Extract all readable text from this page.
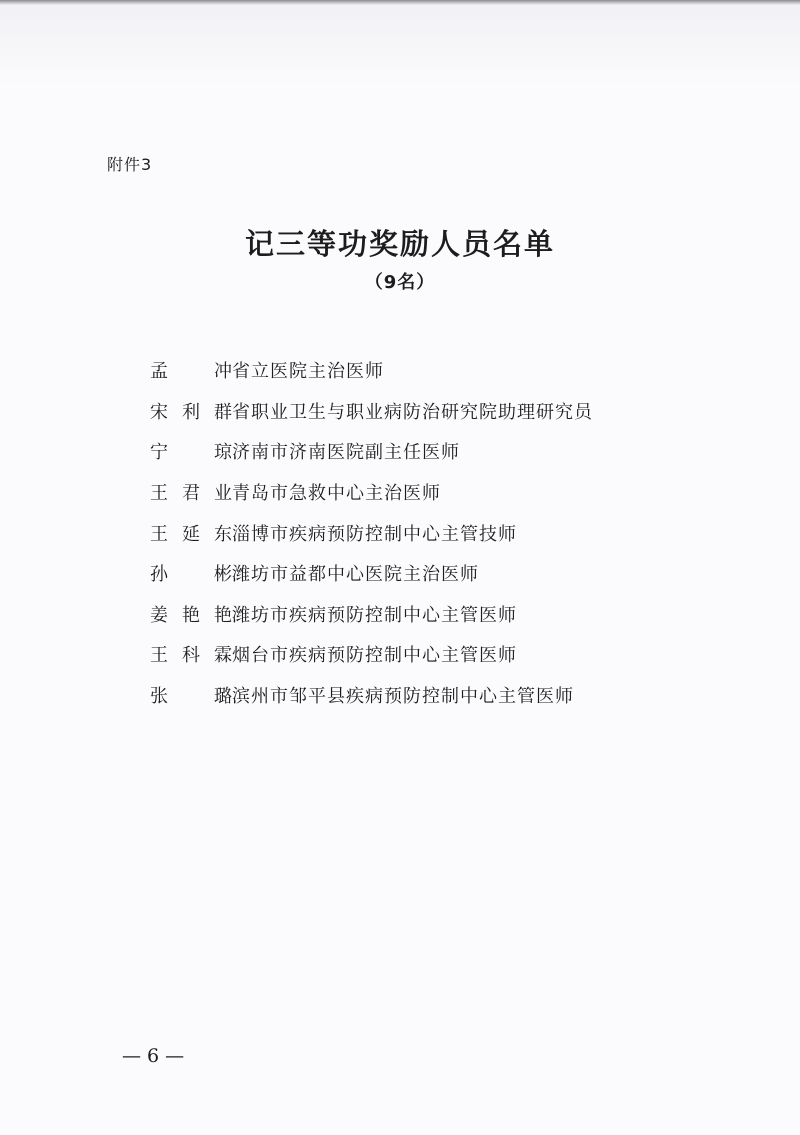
附件3
记三等功奖励人员名单
（9名）
孟冲 省立医院主治医师
宋利群 省职业卫生与职业病防治研究院助理研究员
宁琼 济南市济南医院副主任医师
王君业 青岛市急救中心主治医师
王延东 淄博市疾病预防控制中心主管技师
孙彬 潍坊市益都中心医院主治医师
姜艳艳 潍坊市疾病预防控制中心主管医师
王科霖 烟台市疾病预防控制中心主管医师
张璐 滨州市邹平县疾病预防控制中心主管医师
— 6 —
